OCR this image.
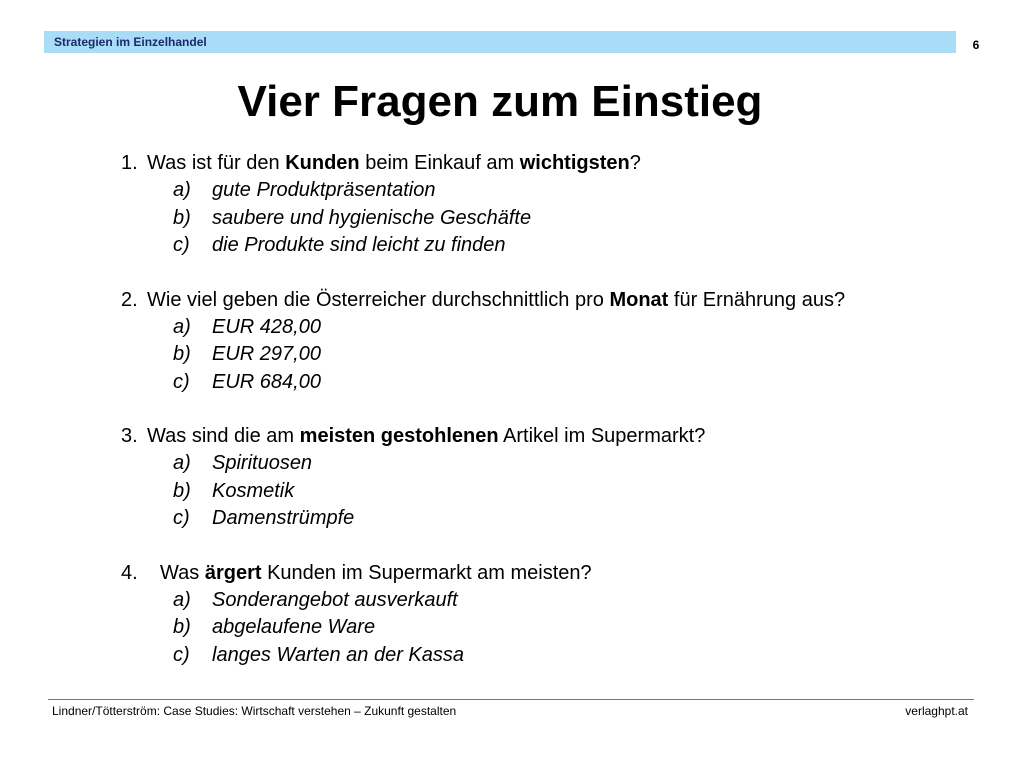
Strategien im Einzelhandel	6
Vier Fragen zum Einstieg
1. Was ist für den Kunden beim Einkauf am wichtigsten?
a) gute Produktpräsentation
b) saubere und hygienische Geschäfte
c) die Produkte sind leicht zu finden
2. Wie viel geben die Österreicher durchschnittlich pro Monat für Ernährung aus?
a) EUR 428,00
b) EUR 297,00
c) EUR 684,00
3. Was sind die am meisten gestohlenen Artikel im Supermarkt?
a) Spirituosen
b) Kosmetik
c) Damenstrümpfe
4. Was ärgert Kunden im Supermarkt am meisten?
a) Sonderangebot ausverkauft
b) abgelaufene Ware
c) langes Warten an der Kassa
Lindner/Tötterström: Case Studies: Wirtschaft verstehen – Zukunft gestalten	verlaghpt.at
